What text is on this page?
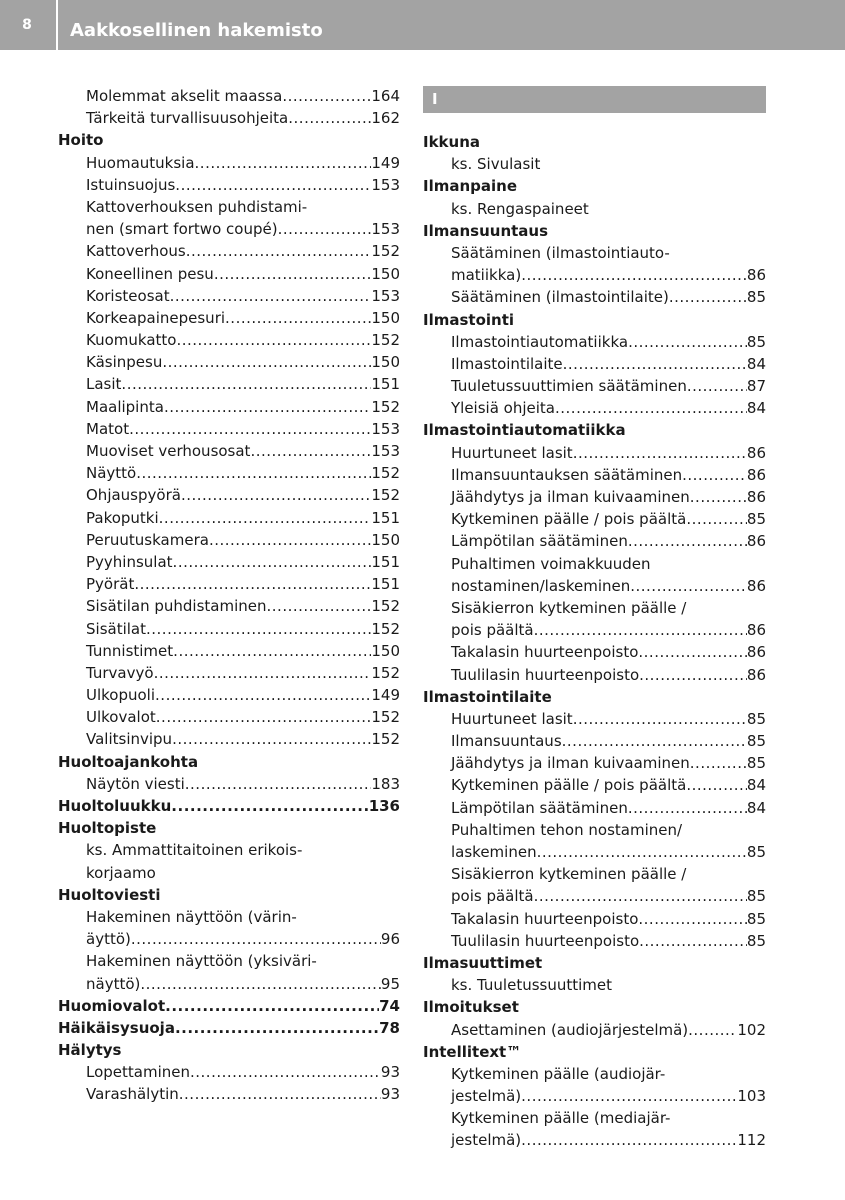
8	Aakkosellinen hakemisto
Molemmat akselit maassa .....	164
Tärkeitä turvallisuusohjeita .....	162
Hoito
Huomautuksia .....	149
Istuinsuojus .....	153
Kattoverhouksen puhdistami-
nen (smart fortwo coupé) .....	153
Kattoverhous .....	152
Koneellinen pesu .....	150
Koristeosat .....	153
Korkeapainepesuri .....	150
Kuomukatto .....	152
Käsinpesu .....	150
Lasit .....	151
Maalipinta .....	152
Matot .....	153
Muoviset verhousosat .....	153
Näyttö .....	152
Ohjauspyörä .....	152
Pakoputki .....	151
Peruutuskamera .....	150
Pyyhinsulat .....	151
Pyörät .....	151
Sisätilan puhdistaminen .....	152
Sisätilat .....	152
Tunnistimet .....	150
Turvavyö .....	152
Ulkopuoli .....	149
Ulkovalot .....	152
Valitsinvipu .....	152
Huoltoajankohta
Näytön viesti .....	183
Huoltoluukku .....	136
Huoltopiste
ks. Ammattitaitoinen erikois-
korjaamo
Huoltoviesti
Hakeminen näyttöön (värin-
äyttö) .....	96
Hakeminen näyttöön (yksiväri-
näyttö) .....	95
Huomiovalot .....	74
Häikäisysuoja .....	78
Hälytys
Lopettaminen .....	93
Varashälytin .....	93
I
Ikkuna
ks. Sivulasit
Ilmanpaine
ks. Rengaspaineet
Ilmansuuntaus
Säätäminen (ilmastointiauto-
matiikka) .....	86
Säätäminen (ilmastointilaite) .....	85
Ilmastointi
Ilmastointiautomatiikka .....	85
Ilmastointilaite .....	84
Tuuletussuuttimien säätäminen .....	87
Yleisiä ohjeita .....	84
Ilmastointiautomatiikka
Huurtuneet lasit .....	86
Ilmansuuntauksen säätäminen .....	86
Jäähdytys ja ilman kuivaaminen .....	86
Kytkeminen päälle / pois päältä .....	85
Lämpötilan säätäminen .....	86
Puhaltimen voimakkuuden
nostaminen/laskeminen .....	86
Sisäkierron kytkeminen päälle /
pois päältä .....	86
Takalasin huurteenpoisto .....	86
Tuulilasin huurteenpoisto .....	86
Ilmastointilaite
Huurtuneet lasit .....	85
Ilmansuuntaus .....	85
Jäähdytys ja ilman kuivaaminen .....	85
Kytkeminen päälle / pois päältä .....	84
Lämpötilan säätäminen .....	84
Puhaltimen tehon nostaminen/
laskeminen .....	85
Sisäkierron kytkeminen päälle /
pois päältä .....	85
Takalasin huurteenpoisto .....	85
Tuulilasin huurteenpoisto .....	85
Ilmasuuttimet
ks. Tuuletussuuttimet
Ilmoitukset
Asettaminen (audiojärjestelmä) .....	102
Intellitext™
Kytkeminen päälle (audiojär-
jestelmä) .....	103
Kytkeminen päälle (mediajär-
jestelmä) .....	112
